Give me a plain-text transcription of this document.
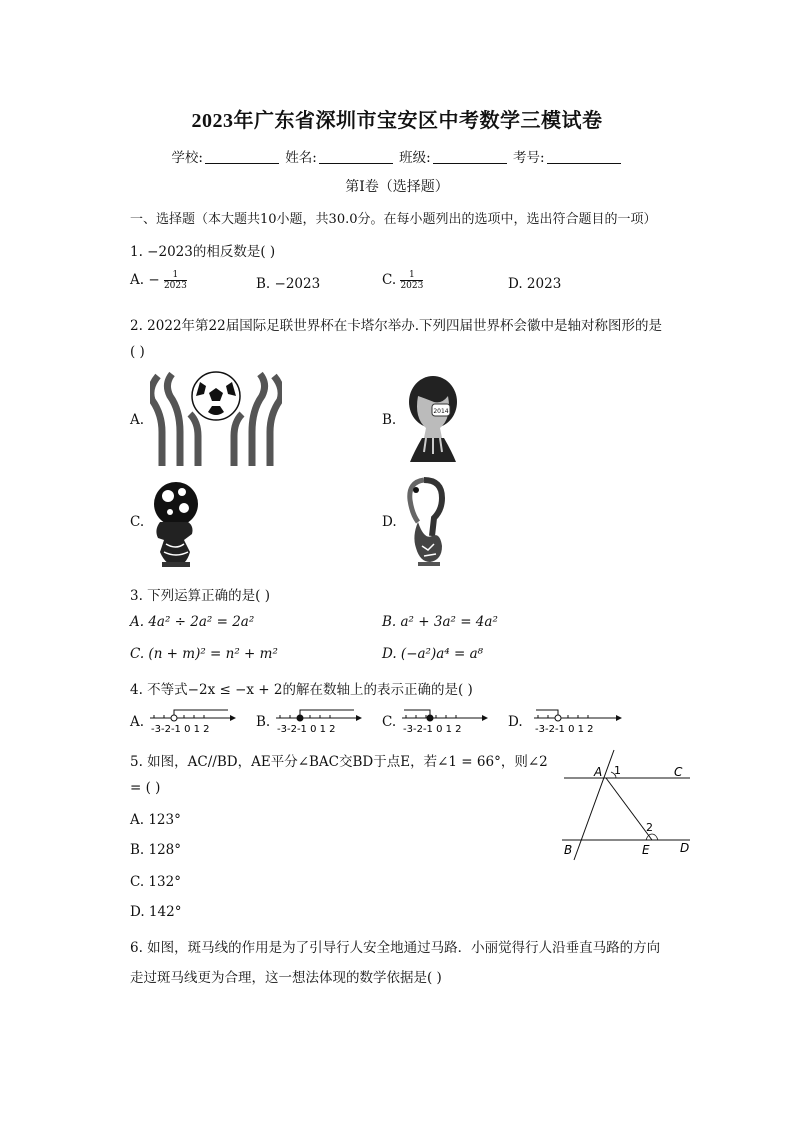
2023年广东省深圳市宝安区中考数学三模试卷
学校:	姓名:	班级:	考号:
第Ⅰ卷（选择题）
一、选择题（本大题共10小题，共30.0分。在每小题列出的选项中，选出符合题目的一项）
1. −2023的相反数是( )
A. − $\frac{1}{2023}$	B. −2023	C. $\frac{1}{2023}$	D. 2023
2. 2022年第22届国际足联世界杯在卡塔尔举办.下列四届世界杯会徽中是轴对称图形的是
( )
A.	B.
2014
C.	D.
3. 下列运算正确的是( )
A. 4a² ÷ 2a² = 2a²	B. a² + 3a² = 4a²
C. (n + m)² = n² + m²	D. (−a²)a⁴ = a⁸
4. 不等式−2x ≤ −x + 2的解在数轴上的表示正确的是( )
A. -3-2-1 0 1 2	B. -3-2-1 0 1 2	C. -3-2-1 0 1 2	D. -3-2-1 0 1 2
5. 如图，AC//BD，AE平分∠BAC交BD于点E，若∠1 = 66°，则∠2
= ( )
A. 123°
B. 128°
C. 132°
D. 142°
A 1	C
2
B	E	D
6. 如图，斑马线的作用是为了引导行人安全地通过马路．小丽觉得行人沿垂直马路的方向
走过斑马线更为合理，这一想法体现的数学依据是( )
